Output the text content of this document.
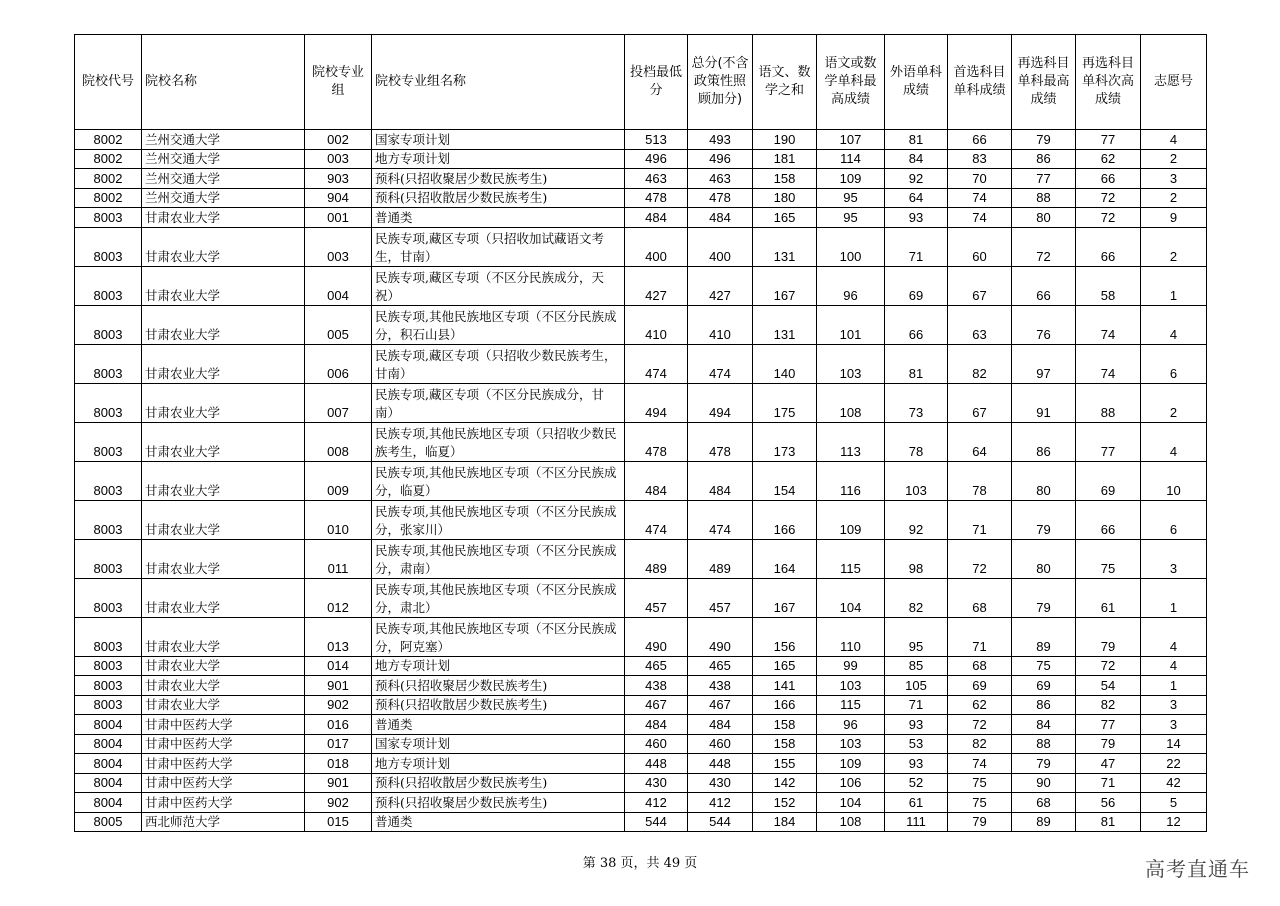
院校代号	院校名称	院校专业组	院校专业组名称	投档最低分	总分(不含政策性照顾加分)	语文、数学之和	语文或数学单科最高成绩	外语单科成绩	首选科目单科成绩	再选科目单科最高成绩	再选科目单科次高成绩	志愿号
8002	兰州交通大学	002	国家专项计划	513	493	190	107	81	66	79	77	4
8002	兰州交通大学	003	地方专项计划	496	496	181	114	84	83	86	62	2
8002	兰州交通大学	903	预科(只招收聚居少数民族考生)	463	463	158	109	92	70	77	66	3
8002	兰州交通大学	904	预科(只招收散居少数民族考生)	478	478	180	95	64	74	88	72	2
8003	甘肃农业大学	001	普通类	484	484	165	95	93	74	80	72	9
8003	甘肃农业大学	003	民族专项,藏区专项（只招收加试藏语文考生，甘南）	400	400	131	100	71	60	72	66	2
8003	甘肃农业大学	004	民族专项,藏区专项（不区分民族成分，天祝）	427	427	167	96	69	67	66	58	1
8003	甘肃农业大学	005	民族专项,其他民族地区专项（不区分民族成分，积石山县）	410	410	131	101	66	63	76	74	4
8003	甘肃农业大学	006	民族专项,藏区专项（只招收少数民族考生，甘南）	474	474	140	103	81	82	97	74	6
8003	甘肃农业大学	007	民族专项,藏区专项（不区分民族成分，甘南）	494	494	175	108	73	67	91	88	2
8003	甘肃农业大学	008	民族专项,其他民族地区专项（只招收少数民族考生，临夏）	478	478	173	113	78	64	86	77	4
8003	甘肃农业大学	009	民族专项,其他民族地区专项（不区分民族成分，临夏）	484	484	154	116	103	78	80	69	10
8003	甘肃农业大学	010	民族专项,其他民族地区专项（不区分民族成分，张家川）	474	474	166	109	92	71	79	66	6
8003	甘肃农业大学	011	民族专项,其他民族地区专项（不区分民族成分，肃南）	489	489	164	115	98	72	80	75	3
8003	甘肃农业大学	012	民族专项,其他民族地区专项（不区分民族成分，肃北）	457	457	167	104	82	68	79	61	1
8003	甘肃农业大学	013	民族专项,其他民族地区专项（不区分民族成分，阿克塞）	490	490	156	110	95	71	89	79	4
8003	甘肃农业大学	014	地方专项计划	465	465	165	99	85	68	75	72	4
8003	甘肃农业大学	901	预科(只招收聚居少数民族考生)	438	438	141	103	105	69	69	54	1
8003	甘肃农业大学	902	预科(只招收散居少数民族考生)	467	467	166	115	71	62	86	82	3
8004	甘肃中医药大学	016	普通类	484	484	158	96	93	72	84	77	3
8004	甘肃中医药大学	017	国家专项计划	460	460	158	103	53	82	88	79	14
8004	甘肃中医药大学	018	地方专项计划	448	448	155	109	93	74	79	47	22
8004	甘肃中医药大学	901	预科(只招收散居少数民族考生)	430	430	142	106	52	75	90	71	42
8004	甘肃中医药大学	902	预科(只招收聚居少数民族考生)	412	412	152	104	61	75	68	56	5
8005	西北师范大学	015	普通类	544	544	184	108	111	79	89	81	12
第 38 页，共 49 页	高考直通车
